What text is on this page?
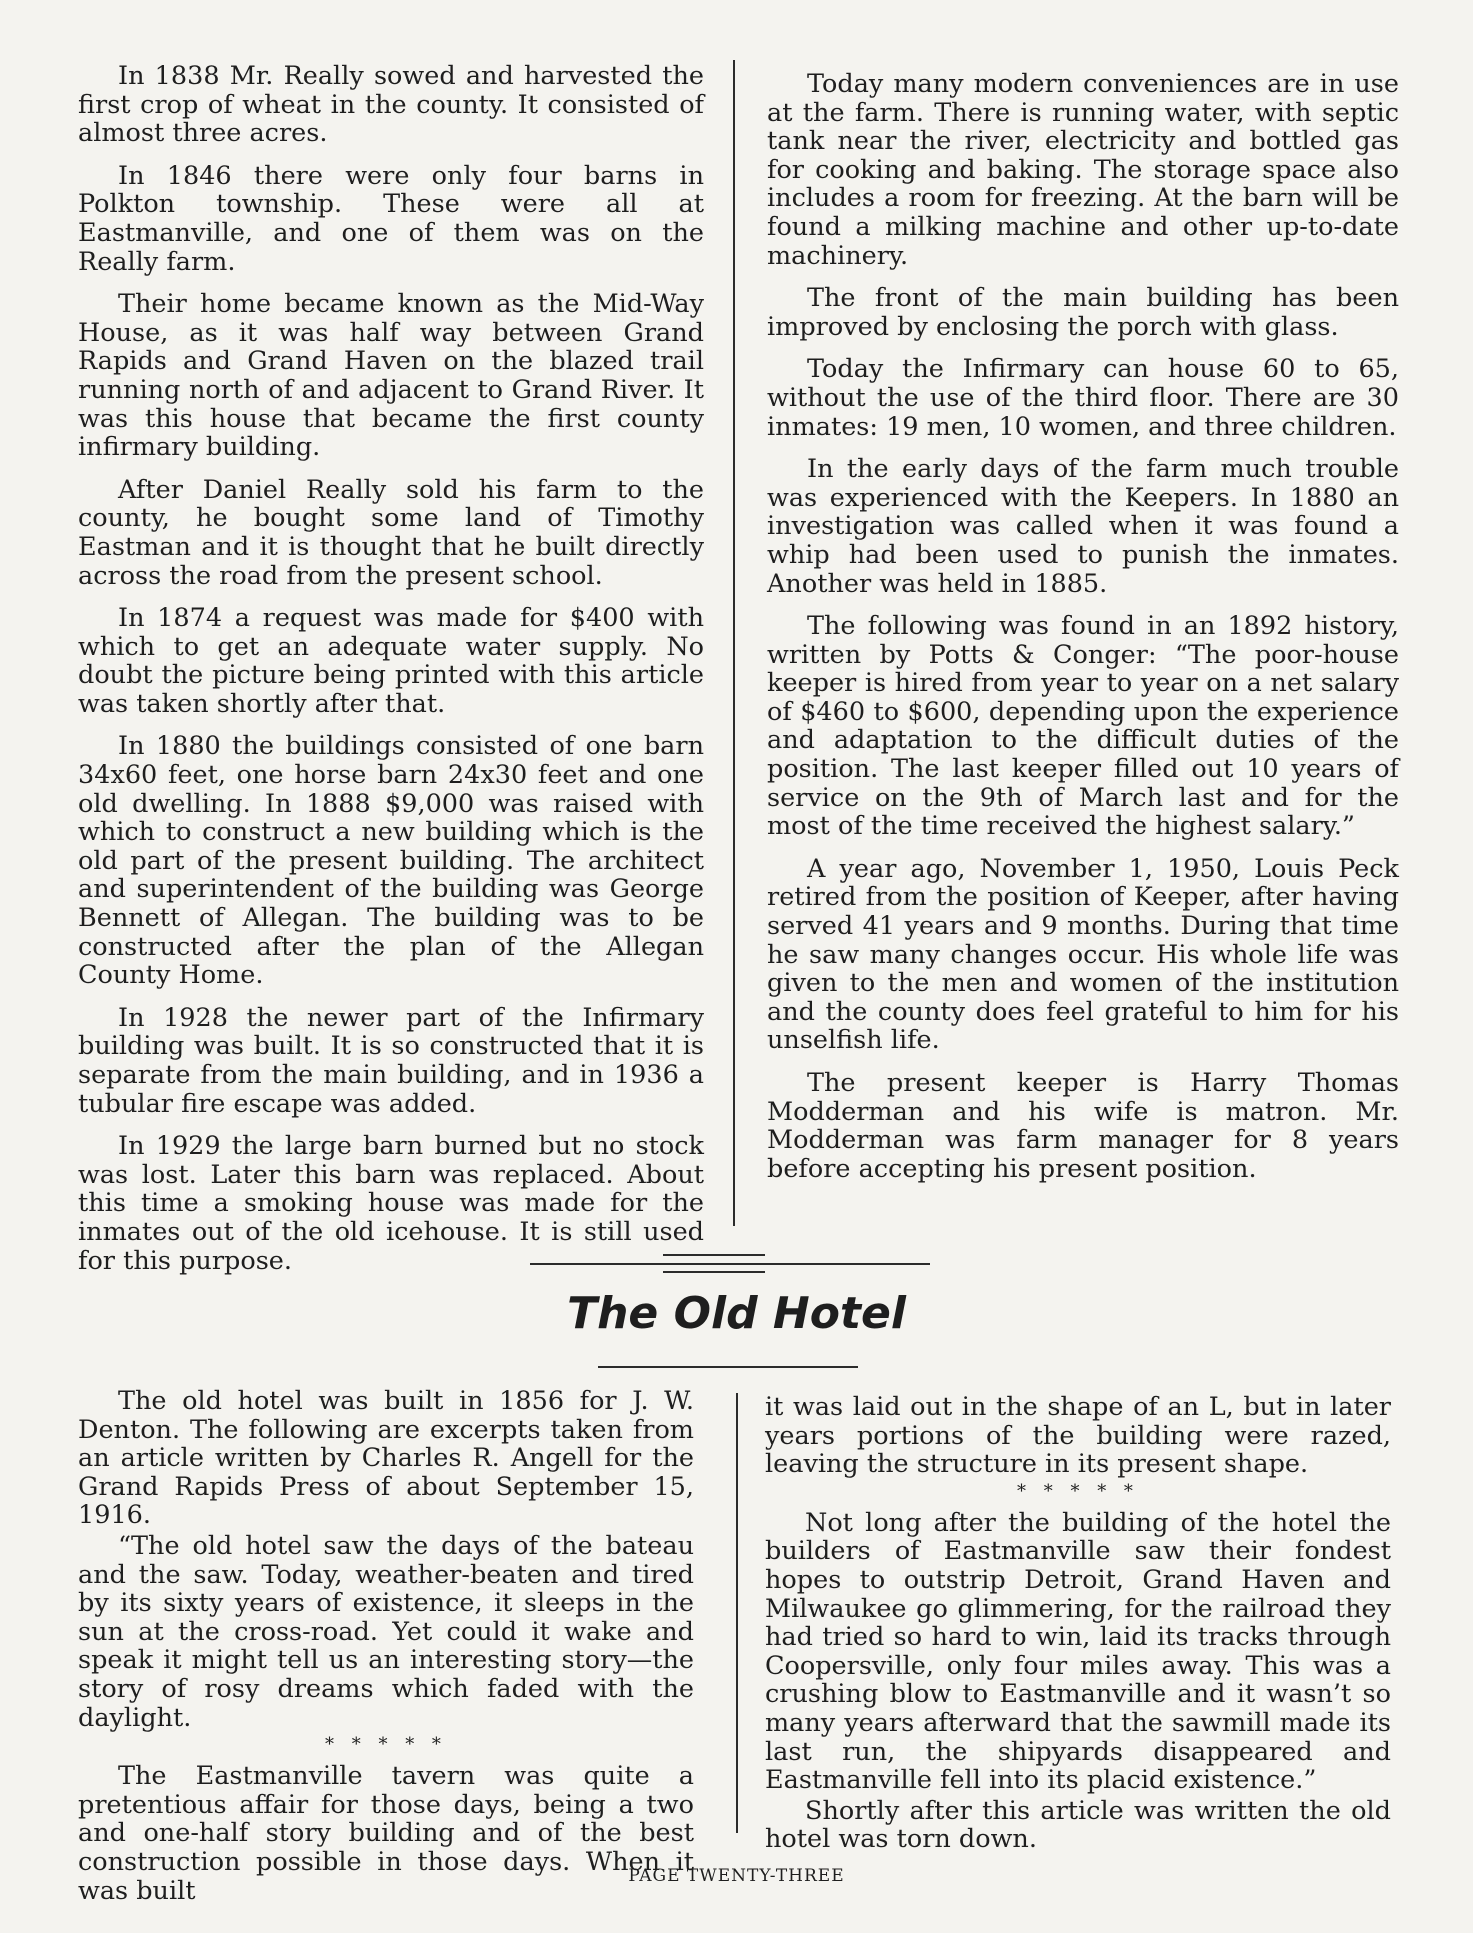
In 1838 Mr. Really sowed and harvested the first crop of wheat in the county. It consisted of almost three acres.

In 1846 there were only four barns in Polkton township. These were all at Eastmanville, and one of them was on the Really farm.

Their home became known as the Mid-Way House, as it was half way between Grand Rapids and Grand Haven on the blazed trail running north of and adjacent to Grand River. It was this house that became the first county infirmary building.

After Daniel Really sold his farm to the county, he bought some land of Timothy Eastman and it is thought that he built directly across the road from the present school.

In 1874 a request was made for $400 with which to get an adequate water supply. No doubt the picture being printed with this article was taken shortly after that.

In 1880 the buildings consisted of one barn 34x60 feet, one horse barn 24x30 feet and one old dwelling. In 1888 $9,000 was raised with which to construct a new building which is the old part of the present building. The architect and superintendent of the building was George Bennett of Allegan. The building was to be constructed after the plan of the Allegan County Home.

In 1928 the newer part of the Infirmary building was built. It is so constructed that it is separate from the main building, and in 1936 a tubular fire escape was added.

In 1929 the large barn burned but no stock was lost. Later this barn was replaced. About this time a smoking house was made for the inmates out of the old icehouse. It is still used for this purpose.

Today many modern conveniences are in use at the farm. There is running water, with septic tank near the river, electricity and bottled gas for cooking and baking. The storage space also includes a room for freezing. At the barn will be found a milking machine and other up-to-date machinery.

The front of the main building has been improved by enclosing the porch with glass.

Today the Infirmary can house 60 to 65, without the use of the third floor. There are 30 inmates: 19 men, 10 women, and three children.

In the early days of the farm much trouble was experienced with the Keepers. In 1880 an investigation was called when it was found a whip had been used to punish the inmates. Another was held in 1885.

The following was found in an 1892 history, written by Potts & Conger: “The poor-house keeper is hired from year to year on a net salary of $460 to $600, depending upon the experience and adaptation to the difficult duties of the position. The last keeper filled out 10 years of service on the 9th of March last and for the most of the time received the highest salary.”

A year ago, November 1, 1950, Louis Peck retired from the position of Keeper, after having served 41 years and 9 months. During that time he saw many changes occur. His whole life was given to the men and women of the institution and the county does feel grateful to him for his unselfish life.

The present keeper is Harry Thomas Modderman and his wife is matron. Mr. Modderman was farm manager for 8 years before accepting his present position.

The Old Hotel

The old hotel was built in 1856 for J. W. Denton. The following are excerpts taken from an article written by Charles R. Angell for the Grand Rapids Press of about September 15, 1916.

“The old hotel saw the days of the bateau and the saw. Today, weather-beaten and tired by its sixty years of existence, it sleeps in the sun at the cross-road. Yet could it wake and speak it might tell us an interesting story—the story of rosy dreams which faded with the daylight.

* * * * *

The Eastmanville tavern was quite a pretentious affair for those days, being a two and one-half story building and of the best construction possible in those days. When it was built

it was laid out in the shape of an L, but in later years portions of the building were razed, leaving the structure in its present shape.

* * * * *

Not long after the building of the hotel the builders of Eastmanville saw their fondest hopes to outstrip Detroit, Grand Haven and Milwaukee go glimmering, for the railroad they had tried so hard to win, laid its tracks through Coopersville, only four miles away. This was a crushing blow to Eastmanville and it wasn’t so many years afterward that the sawmill made its last run, the shipyards disappeared and Eastmanville fell into its placid existence.”

Shortly after this article was written the old hotel was torn down.

PAGE TWENTY-THREE
